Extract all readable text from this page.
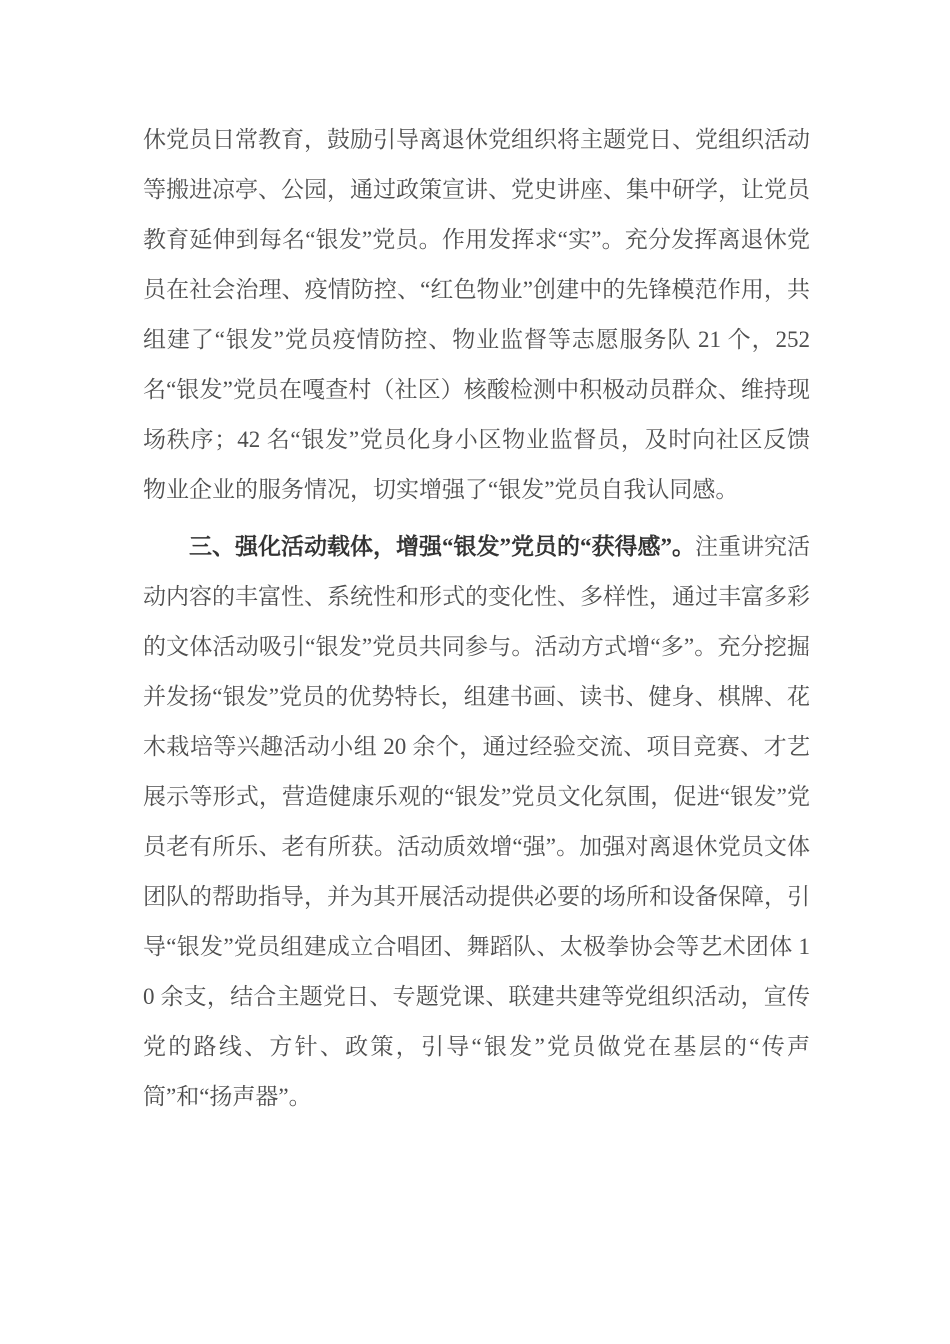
休党员日常教育，鼓励引导离退休党组织将主题党日、党组织活动等搬进凉亭、公园，通过政策宣讲、党史讲座、集中研学，让党员教育延伸到每名“银发”党员。作用发挥求“实”。充分发挥离退休党员在社会治理、疫情防控、“红色物业”创建中的先锋模范作用，共组建了“银发”党员疫情防控、物业监督等志愿服务队 21 个，252 名“银发”党员在嘎查村（社区）核酸检测中积极动员群众、维持现场秩序；42 名“银发”党员化身小区物业监督员，及时向社区反馈物业企业的服务情况，切实增强了“银发”党员自我认同感。

三、强化活动载体，增强“银发”党员的“获得感”。注重讲究活动内容的丰富性、系统性和形式的变化性、多样性，通过丰富多彩的文体活动吸引“银发”党员共同参与。活动方式增“多”。充分挖掘并发扬“银发”党员的优势特长，组建书画、读书、健身、棋牌、花木栽培等兴趣活动小组 20 余个，通过经验交流、项目竞赛、才艺展示等形式，营造健康乐观的“银发”党员文化氛围，促进“银发”党员老有所乐、老有所获。活动质效增“强”。加强对离退休党员文体团队的帮助指导，并为其开展活动提供必要的场所和设备保障，引导“银发”党员组建成立合唱团、舞蹈队、太极拳协会等艺术团体 10 余支，结合主题党日、专题党课、联建共建等党组织活动，宣传党的路线、方针、政策，引导“银发”党员做党在基层的“传声筒”和“扬声器”。
